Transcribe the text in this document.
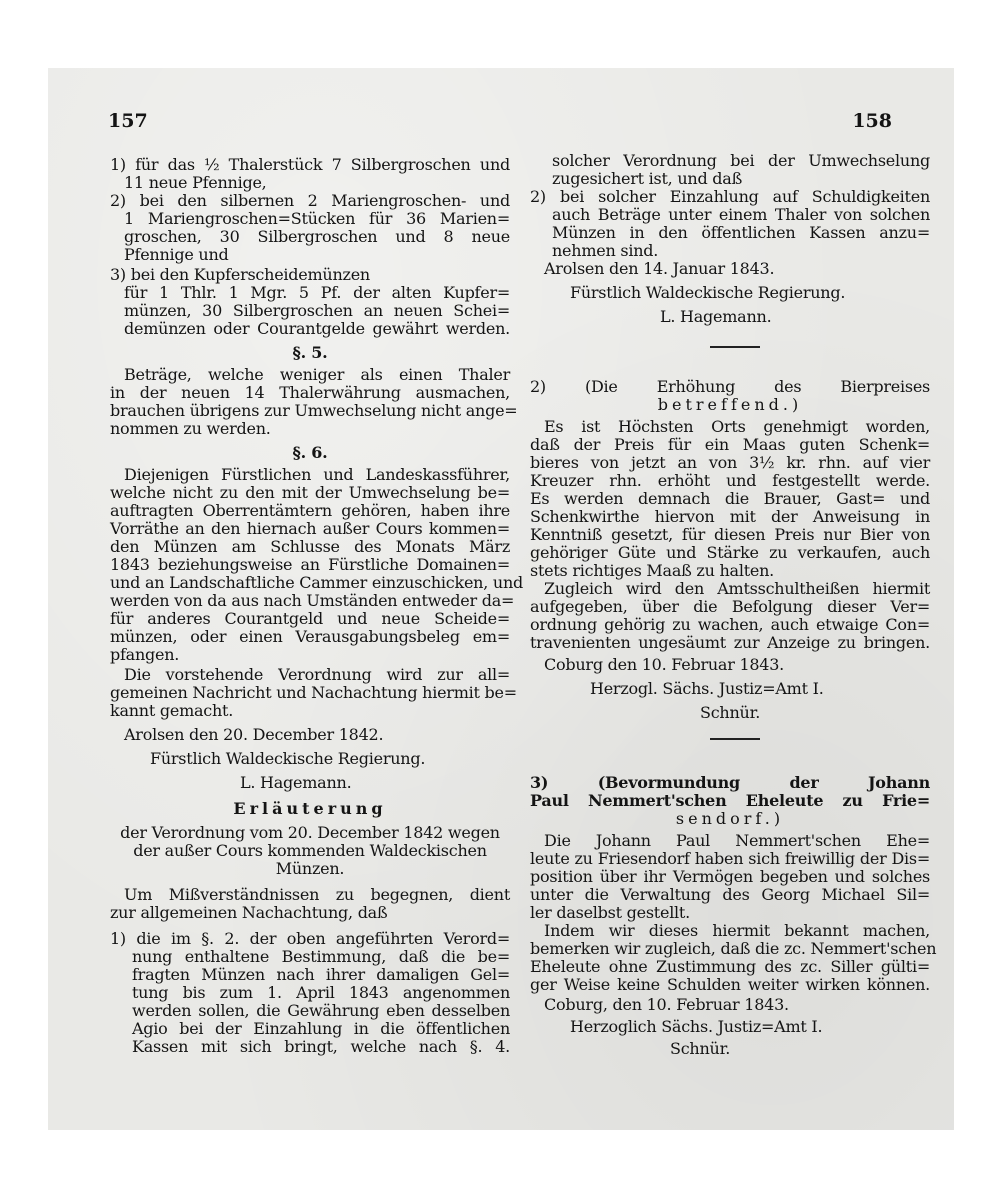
157	158

1) für das ½ Thalerstück 7 Silbergroschen und

11 neue Pfennige,

2) bei den silbernen 2 Mariengroschen- und

1 Mariengroschen=Stücken für 36 Marien=

groschen, 30 Silbergroschen und 8 neue

Pfennige und

3) bei den Kupferscheidemünzen

für 1 Thlr. 1 Mgr. 5 Pf. der alten Kupfer=

münzen, 30 Silbergroschen an neuen Schei=

demünzen oder Courantgelde gewährt werden.

§. 5.

Beträge, welche weniger als einen Thaler

in der neuen 14 Thalerwährung ausmachen,

brauchen übrigens zur Umwechselung nicht ange=

nommen zu werden.

§. 6.

Diejenigen Fürstlichen und Landeskassführer,

welche nicht zu den mit der Umwechselung be=

auftragten Oberrentämtern gehören, haben ihre

Vorräthe an den hiernach außer Cours kommen=

den Münzen am Schlusse des Monats März

1843 beziehungsweise an Fürstliche Domainen=

und an Landschaftliche Cammer einzuschicken, und

werden von da aus nach Umständen entweder da=

für anderes Courantgeld und neue Scheide=

münzen, oder einen Verausgabungsbeleg em=

pfangen.

Die vorstehende Verordnung wird zur all=

gemeinen Nachricht und Nachachtung hiermit be=

kannt gemacht.

Arolsen den 20. December 1842.

Fürstlich Waldeckische Regierung.

L. Hagemann.

Erläuterung

der Verordnung vom 20. December 1842 wegen

der außer Cours kommenden Waldeckischen

Münzen.

Um Mißverständnissen zu begegnen, dient

zur allgemeinen Nachachtung, daß

1) die im §. 2. der oben angeführten Verord=

nung enthaltene Bestimmung, daß die be=

fragten Münzen nach ihrer damaligen Gel=

tung bis zum 1. April 1843 angenommen

werden sollen, die Gewährung eben desselben

Agio bei der Einzahlung in die öffentlichen

Kassen mit sich bringt, welche nach §. 4.

solcher Verordnung bei der Umwechselung

zugesichert ist, und daß

2) bei solcher Einzahlung auf Schuldigkeiten

auch Beträge unter einem Thaler von solchen

Münzen in den öffentlichen Kassen anzu=

nehmen sind.

Arolsen den 14. Januar 1843.

Fürstlich Waldeckische Regierung.

L. Hagemann.

2) (Die Erhöhung des Bierpreises

betreffend.)

Es ist Höchsten Orts genehmigt worden,

daß der Preis für ein Maas guten Schenk=

bieres von jetzt an von 3½ kr. rhn. auf vier

Kreuzer rhn. erhöht und festgestellt werde.

Es werden demnach die Brauer, Gast= und

Schenkwirthe hiervon mit der Anweisung in

Kenntniß gesetzt, für diesen Preis nur Bier von

gehöriger Güte und Stärke zu verkaufen, auch

stets richtiges Maaß zu halten.

Zugleich wird den Amtsschultheißen hiermit

aufgegeben, über die Befolgung dieser Ver=

ordnung gehörig zu wachen, auch etwaige Con=

travenienten ungesäumt zur Anzeige zu bringen.

Coburg den 10. Februar 1843.

Herzogl. Sächs. Justiz=Amt I.

Schnür.

3) (Bevormundung der Johann

Paul Nemmert'schen Eheleute zu Frie=

sendorf.)

Die Johann Paul Nemmert'schen Ehe=

leute zu Friesendorf haben sich freiwillig der Dis=

position über ihr Vermögen begeben und solches

unter die Verwaltung des Georg Michael Sil=

ler daselbst gestellt.

Indem wir dieses hiermit bekannt machen,

bemerken wir zugleich, daß die zc. Nemmert'schen

Eheleute ohne Zustimmung des zc. Siller gülti=

ger Weise keine Schulden weiter wirken können.

Coburg, den 10. Februar 1843.

Herzoglich Sächs. Justiz=Amt I.

Schnür.
